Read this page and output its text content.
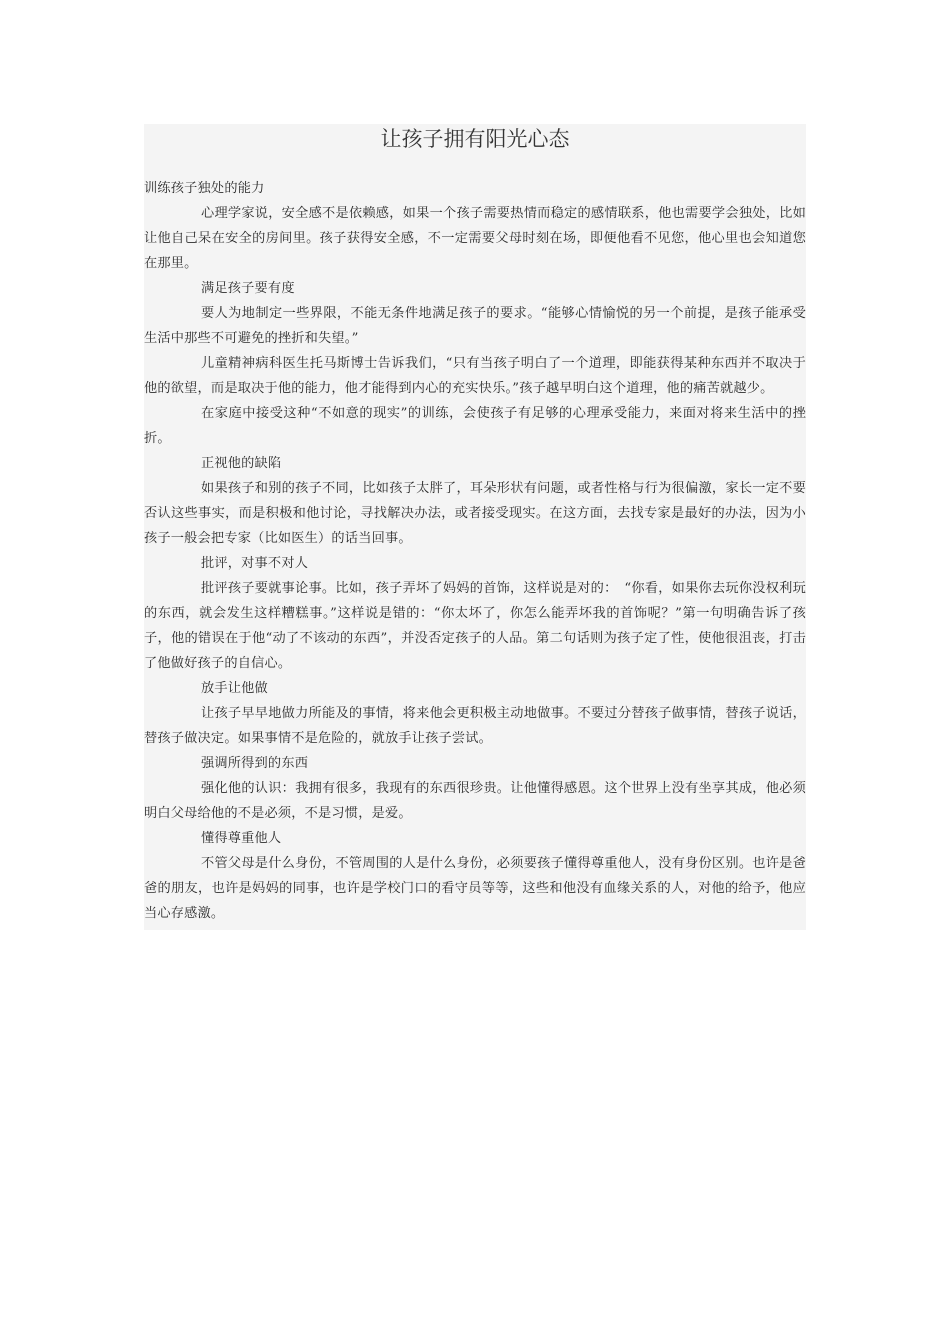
让孩子拥有阳光心态

训练孩子独处的能力

心理学家说，安全感不是依赖感，如果一个孩子需要热情而稳定的感情联系，他也需要学会独处，比如让他自己呆在安全的房间里。孩子获得安全感，不一定需要父母时刻在场，即便他看不见您，他心里也会知道您在那里。

满足孩子要有度

要人为地制定一些界限，不能无条件地满足孩子的要求。“能够心情愉悦的另一个前提，是孩子能承受生活中那些不可避免的挫折和失望。”

儿童精神病科医生托马斯博士告诉我们，“只有当孩子明白了一个道理，即能获得某种东西并不取决于他的欲望，而是取决于他的能力，他才能得到内心的充实快乐。”孩子越早明白这个道理，他的痛苦就越少。

在家庭中接受这种“不如意的现实”的训练，会使孩子有足够的心理承受能力，来面对将来生活中的挫折。

正视他的缺陷

如果孩子和别的孩子不同，比如孩子太胖了，耳朵形状有问题，或者性格与行为很偏激，家长一定不要否认这些事实，而是积极和他讨论，寻找解决办法，或者接受现实。在这方面，去找专家是最好的办法，因为小孩子一般会把专家（比如医生）的话当回事。

批评，对事不对人

批评孩子要就事论事。比如，孩子弄坏了妈妈的首饰，这样说是对的：　“你看，如果你去玩你没权利玩的东西，就会发生这样糟糕事。”这样说是错的：“你太坏了，你怎么能弄坏我的首饰呢？”第一句明确告诉了孩子，他的错误在于他“动了不该动的东西”，并没否定孩子的人品。第二句话则为孩子定了性，使他很沮丧，打击了他做好孩子的自信心。

放手让他做

让孩子早早地做力所能及的事情，将来他会更积极主动地做事。不要过分替孩子做事情，替孩子说话，替孩子做决定。如果事情不是危险的，就放手让孩子尝试。

强调所得到的东西

强化他的认识：我拥有很多，我现有的东西很珍贵。让他懂得感恩。这个世界上没有坐享其成，他必须明白父母给他的不是必须，不是习惯，是爱。

懂得尊重他人

不管父母是什么身份，不管周围的人是什么身份，必须要孩子懂得尊重他人，没有身份区别。也许是爸爸的朋友，也许是妈妈的同事，也许是学校门口的看守员等等，这些和他没有血缘关系的人，对他的给予，他应当心存感激。
